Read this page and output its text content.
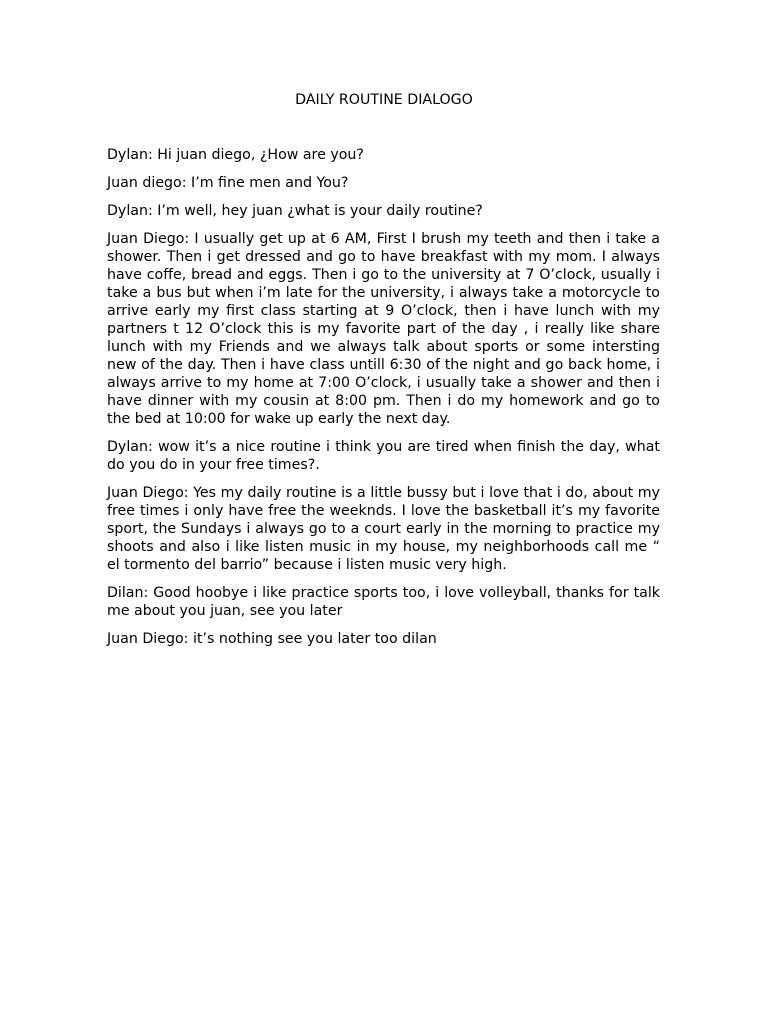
DAILY ROUTINE DIALOGO

Dylan: Hi juan diego, ¿How are you?

Juan diego: I’m fine men and You?

Dylan: I’m well, hey juan ¿what is your daily routine?

Juan Diego: I usually get up at 6 AM, First I brush my teeth and then i take a shower. Then i get dressed and go to have breakfast with my mom. I always have coffe, bread and eggs. Then i go to the university at 7 O’clock, usually i take a bus but when i’m late for the university, i always take a motorcycle to arrive early my first class starting at 9 O’clock, then i have lunch with my partners t 12 O’clock this is my favorite part of the day , i really like share lunch with my Friends and we always talk about sports or some intersting new of the day. Then i have class untill 6:30 of the night and go back home, i always arrive to my home at 7:00 O’clock, i usually take a shower and then i have dinner with my cousin at 8:00 pm. Then i do my homework and go to the bed at 10:00 for wake up early the next day.

Dylan: wow it’s a nice routine i think you are tired when finish the day, what do you do in your free times?.

Juan Diego: Yes my daily routine is a little bussy but i love that i do, about my free times i only have free the weeknds. I love the basketball it’s my favorite sport, the Sundays i always go to a court early in the morning to practice my shoots and also i like listen music in my house, my neighborhoods call me “ el tormento del barrio” because i listen music very high.

Dilan: Good hoobye i like practice sports too, i love volleyball, thanks for talk me about you juan, see you later

Juan Diego: it’s nothing see you later too dilan
